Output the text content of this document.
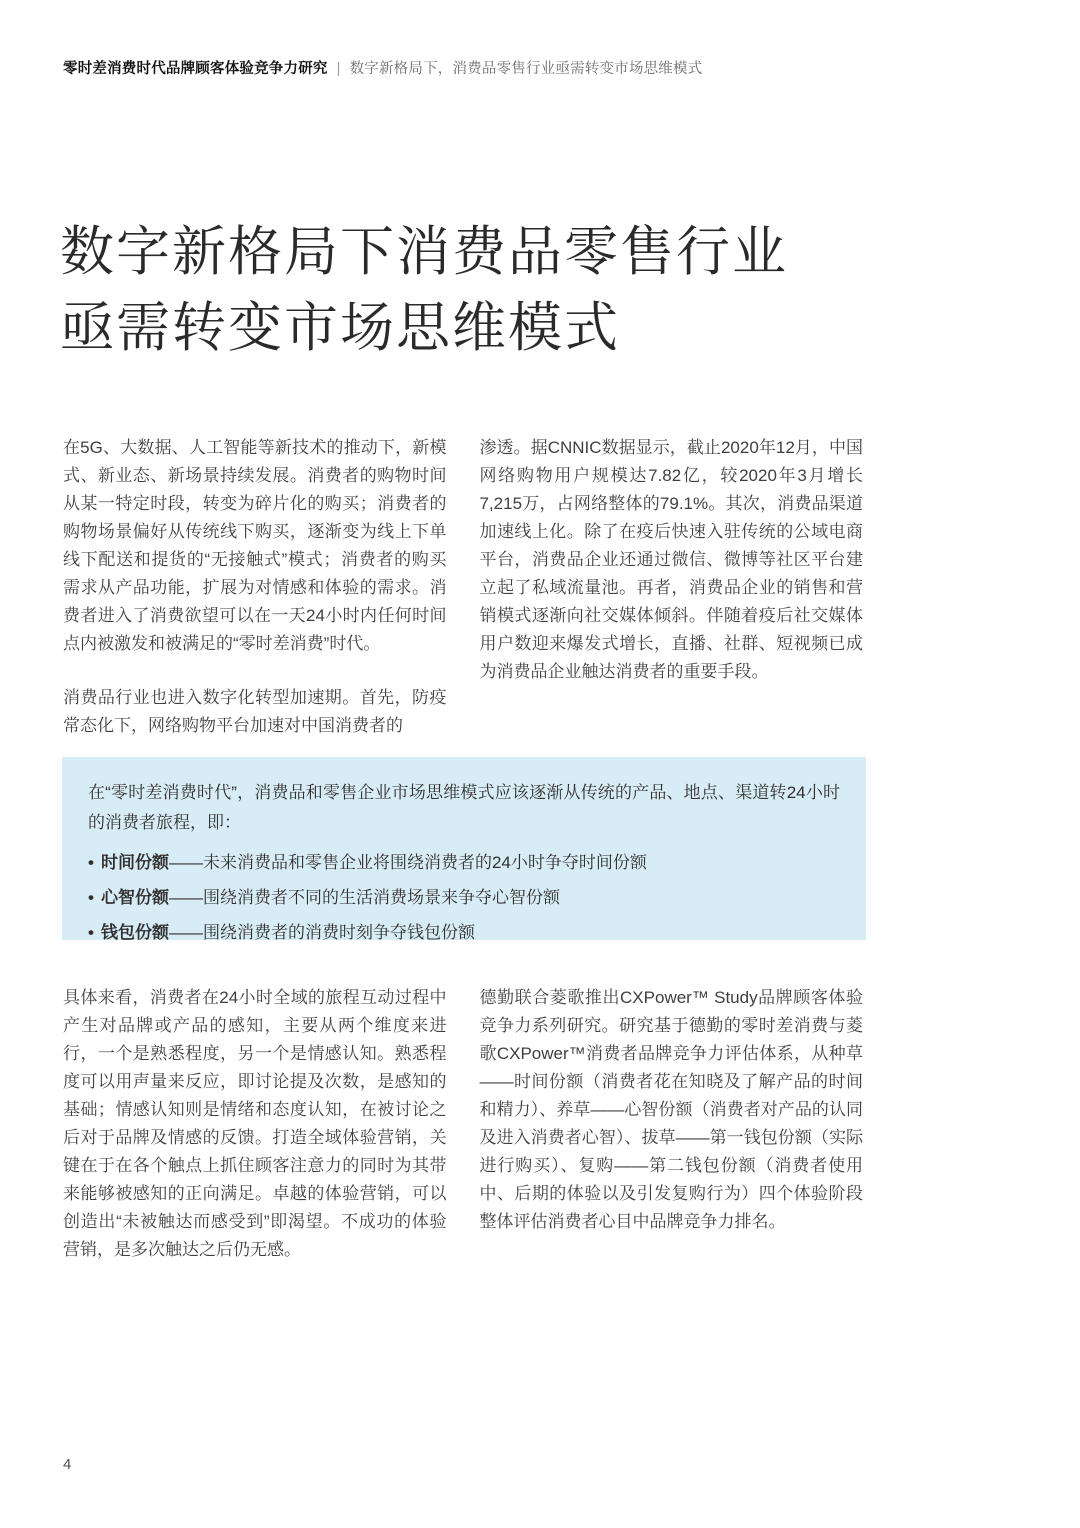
零时差消费时代品牌顾客体验竞争力研究 | 数字新格局下，消费品零售行业亟需转变市场思维模式
数字新格局下消费品零售行业
亟需转变市场思维模式

在5G、大数据、人工智能等新技术的推动下，新模式、新业态、新场景持续发展。消费者的购物时间从某一特定时段，转变为碎片化的购买；消费者的购物场景偏好从传统线下购买，逐渐变为线上下单线下配送和提货的“无接触式”模式；消费者的购买需求从产品功能，扩展为对情感和体验的需求。消费者进入了消费欲望可以在一天24小时内任何时间点内被激发和被满足的“零时差消费”时代。

消费品行业也进入数字化转型加速期。首先，防疫常态化下，网络购物平台加速对中国消费者的

渗透。据CNNIC数据显示，截止2020年12月，中国网络购物用户规模达7.82亿，较2020年3月增长7,215万，占网络整体的79.1%。其次，消费品渠道加速线上化。除了在疫后快速入驻传统的公域电商平台，消费品企业还通过微信、微博等社区平台建立起了私域流量池。再者，消费品企业的销售和营销模式逐渐向社交媒体倾斜。伴随着疫后社交媒体用户数迎来爆发式增长，直播、社群、短视频已成为消费品企业触达消费者的重要手段。

在“零时差消费时代”，消费品和零售企业市场思维模式应该逐渐从传统的产品、地点、渠道转24小时的消费者旅程，即：

• 时间份额 ——未来消费品和零售企业将围绕消费者的24小时争夺时间份额
• 心智份额 ——围绕消费者不同的生活消费场景来争夺心智份额
• 钱包份额 ——围绕消费者的消费时刻争夺钱包份额

具体来看，消费者在24小时全域的旅程互动过程中产生对品牌或产品的感知，主要从两个维度来进行，一个是熟悉程度，另一个是情感认知。熟悉程度可以用声量来反应，即讨论提及次数，是感知的基础；情感认知则是情绪和态度认知，在被讨论之后对于品牌及情感的反馈。打造全域体验营销，关键在于在各个触点上抓住顾客注意力的同时为其带来能够被感知的正向满足。卓越的体验营销，可以创造出“未被触达而感受到”即渴望。不成功的体验营销，是多次触达之后仍无感。

德勤联合菱歌推出CXPower™ Study品牌顾客体验竞争力系列研究。研究基于德勤的零时差消费与菱歌CXPower™消费者品牌竞争力评估体系，从种草——时间份额（消费者花在知晓及了解产品的时间和精力）、养草——心智份额（消费者对产品的认同及进入消费者心智）、拔草——第一钱包份额（实际进行购买）、复购——第二钱包份额（消费者使用中、后期的体验以及引发复购行为）四个体验阶段整体评估消费者心目中品牌竞争力排名。

4
